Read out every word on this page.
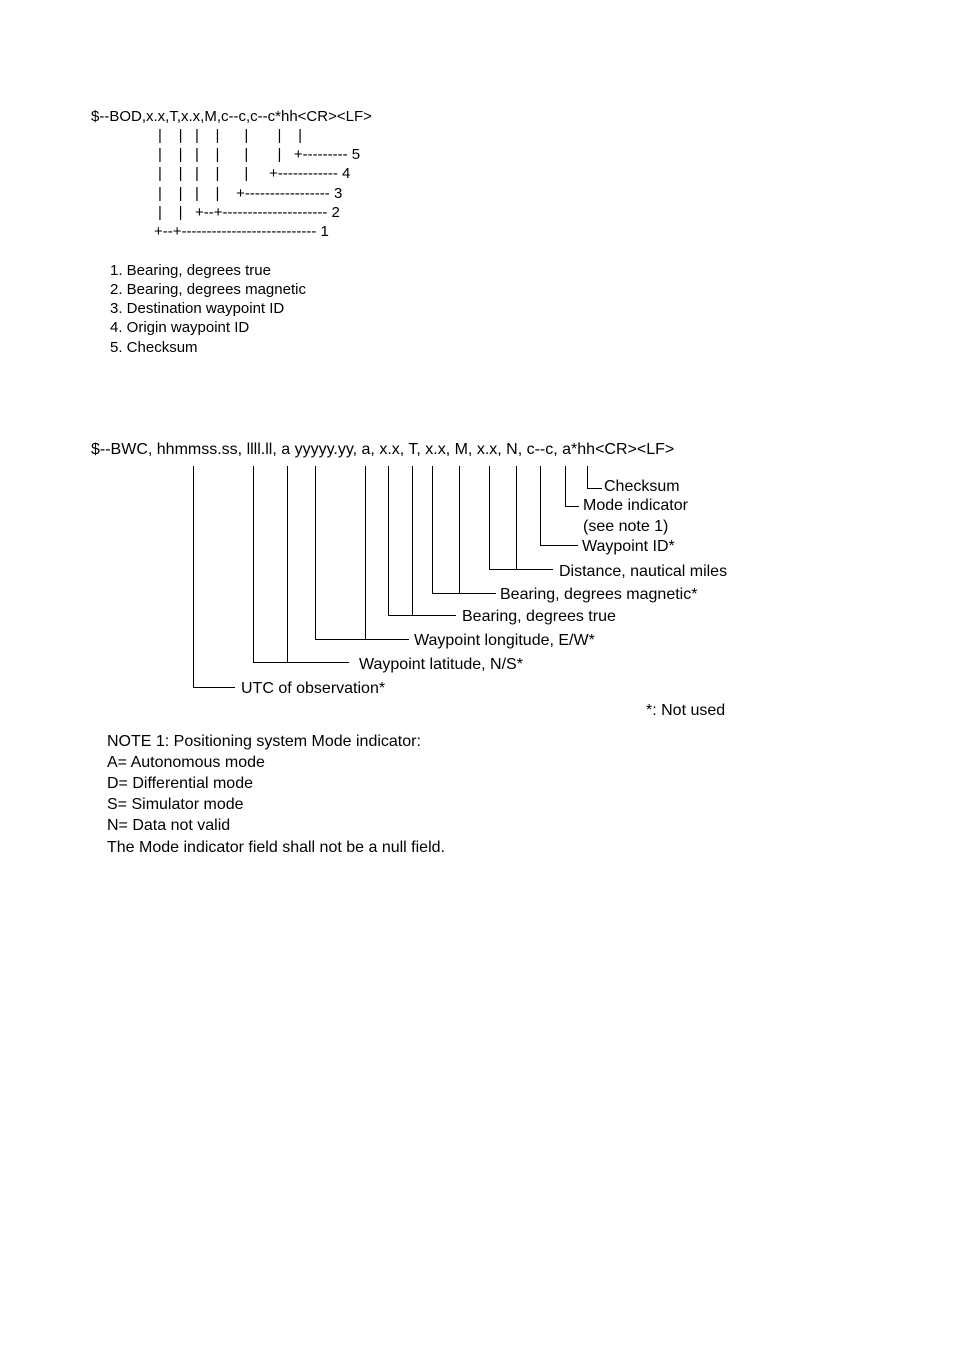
$--BOD,x.x,T,x.x,M,c--c,c--c*hh<CR><LF>
|    |   |    |      |       |    |
|    |   |    |      |       |   +--------- 5
|    |   |    |      |     +------------ 4
|    |   |    |    +----------------- 3
|    |   +--+--------------------- 2
+--+--------------------------- 1
1. Bearing, degrees true
2. Bearing, degrees magnetic
3. Destination waypoint ID
4. Origin waypoint ID
5. Checksum
$--BWC, hhmmss.ss, llll.ll, a yyyyy.yy, a, x.x, T, x.x, M, x.x, N, c--c, a*hh<CR><LF>
Checksum
Mode indicator
(see note 1)
Waypoint ID*
Distance, nautical miles
Bearing, degrees magnetic*
Bearing, degrees true
Waypoint longitude, E/W*
Waypoint latitude, N/S*
UTC of observation*
*: Not used
NOTE 1: Positioning system Mode indicator:
A= Autonomous mode
D= Differential mode
S= Simulator mode
N= Data not valid
The Mode indicator field shall not be a null field.
